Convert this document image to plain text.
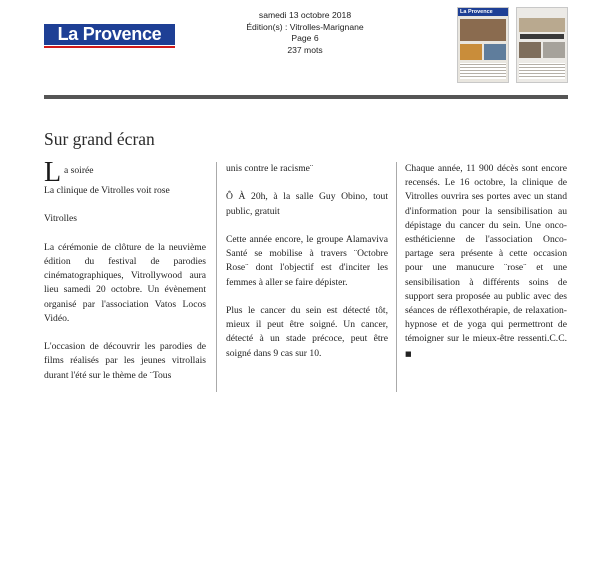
La Provence
samedi 13 octobre 2018
Édition(s) : Vitrolles-Marignane
Page 6
237 mots
La Provence
Sur grand écran
L a soirée

La clinique de Vitrolles voit rose

Vitrolles

La cérémonie de clôture de la neuvième édition du festival de parodies cinématographiques, Vitrollywood aura lieu samedi 20 octobre. Un évènement organisé par l'association Vatos Locos Vidéo.

L'occasion de découvrir les parodies de films réalisés par les jeunes vitrollais durant l'été sur le thème de ¨Tous

unis contre le racisme¨

Ô À 20h, à la salle Guy Obino, tout public, gratuit

Cette année encore, le groupe Alamaviva Santé se mobilise à travers ¨Octobre Rose¨ dont l'objectif est d'inciter les femmes à aller se faire dépister.

Plus le cancer du sein est détecté tôt, mieux il peut être soigné. Un cancer, détecté à un stade précoce, peut être soigné dans 9 cas sur 10.

Chaque année, 11 900 décès sont encore recensés. Le 16 octobre, la clinique de Vitrolles ouvrira ses portes avec un stand d'information pour la sensibilisation au dépistage du cancer du sein. Une onco-esthéticienne de l'association Onco-partage sera présente à cette occasion pour une manucure ¨rose¨ et une sensibilisation à différents soins de support sera proposée au public avec des séances de réflexothérapie, de relaxation-hypnose et de yoga qui permettront de témoigner sur le mieux-être ressenti.C.C. ■
